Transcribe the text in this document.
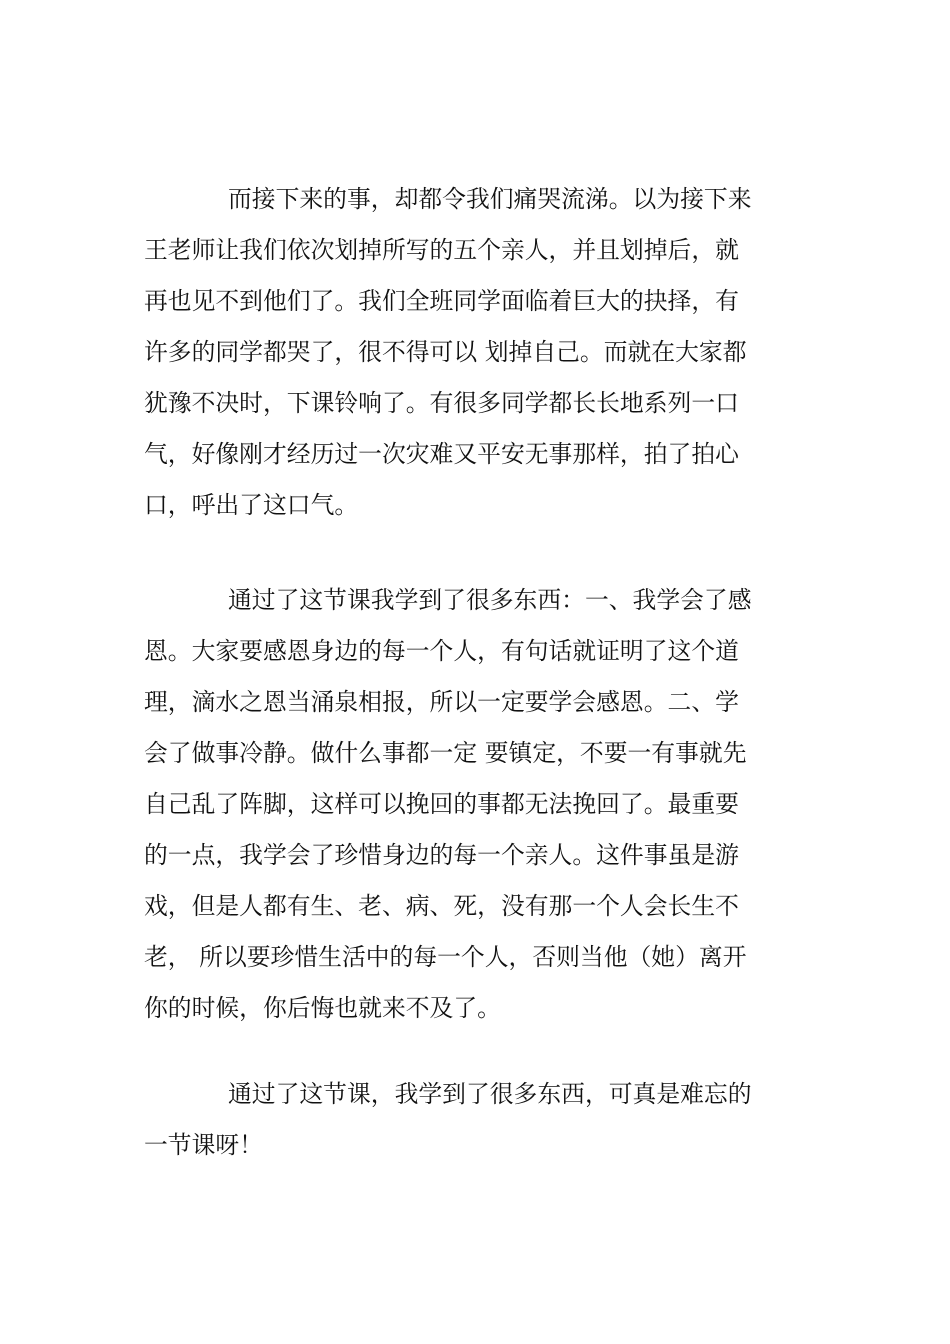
而接下来的事，却都令我们痛哭流涕。以为接下来
王老师让我们依次划掉所写的五个亲人，并且划掉后，就
再也见不到他们了。我们全班同学面临着巨大的抉择，有
许多的同学都哭了，很不得可以 划掉自己。而就在大家都
犹豫不决时，下课铃响了。有很多同学都长长地系列一口
气，好像刚才经历过一次灾难又平安无事那样，拍了拍心
口，呼出了这口气。
通过了这节课我学到了很多东西：一、我学会了感
恩。大家要感恩身边的每一个人，有句话就证明了这个道
理，滴水之恩当涌泉相报，所以一定要学会感恩。二、学
会了做事冷静。做什么事都一定 要镇定，不要一有事就先
自己乱了阵脚，这样可以挽回的事都无法挽回了。最重要
的一点，我学会了珍惜身边的每一个亲人。这件事虽是游
戏，但是人都有生、老、病、死，没有那一个人会长生不
老， 所以要珍惜生活中的每一个人，否则当他（她）离开
你的时候，你后悔也就来不及了。
通过了这节课，我学到了很多东西，可真是难忘的
一节课呀！
